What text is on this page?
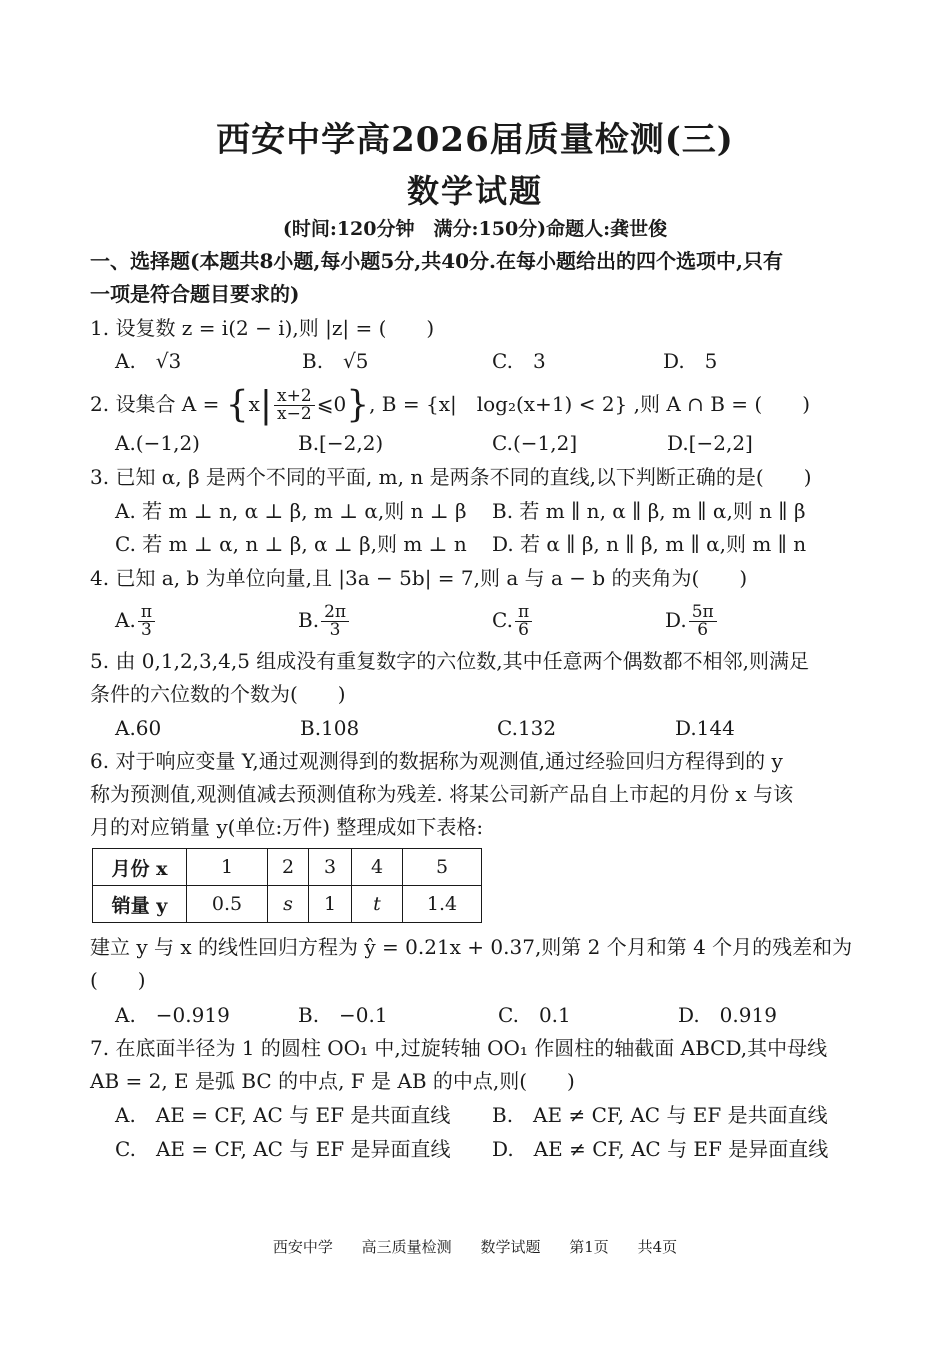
西安中学高2026届质量检测(三)
数学试题
(时间:120分钟　满分:150分)命题人:龚世俊
一、选择题(本题共8小题,每小题5分,共40分.在每小题给出的四个选项中,只有
一项是符合题目要求的)
1. 设复数 z = i(2 − i),则 |z| = (　　)
A.　√3	B.　√5	C.　3	D.　5
2. 设集合 $A = \{x| \frac{x+2}{x-2}$ ⩽0}, B = {x|　log₂(x+1) < 2} ,则 A ∩ B = (　　)
A.(−1,2)	B.[−2,2)	C.(−1,2]	D.[−2,2]
3. 已知 α, β 是两个不同的平面, m, n 是两条不同的直线,以下判断正确的是(　　)
A. 若 m ⊥ n, α ⊥ β, m ⊥ α,则 n ⊥ β B. 若 m ∥ n, α ∥ β, m ∥ α,则 n ∥ β
C. 若 m ⊥ α, n ⊥ β, α ⊥ β,则 m ⊥ n D. 若 α ∥ β, n ∥ β, m ∥ α,则 m ∥ n
4. 已知 a, b 为单位向量,且 |3a − 5b| = 7,则 a 与 a − b 的夹角为(　　)
A. $\frac{\pi}{3}$	B. $\frac{2\pi}{3}$	C. $\frac{\pi}{6}$	D. $\frac{5\pi}{6}$
5. 由 0,1,2,3,4,5 组成没有重复数字的六位数,其中任意两个偶数都不相邻,则满足
条件的六位数的个数为(　　)
A.60	B.108	C.132	D.144
6. 对于响应变量 Y,通过观测得到的数据称为观测值,通过经验回归方程得到的 y
称为预测值,观测值减去预测值称为残差. 将某公司新产品自上市起的月份 x 与该
月的对应销量 y(单位:万件) 整理成如下表格:
月份 x	1	2	3	4	5
销量 y	0.5	s	1	t	1.4
建立 y 与 x 的线性回归方程为 ŷ = 0.21x + 0.37,则第 2 个月和第 4 个月的残差和为
(　　)
A.　−0.919	B.　−0.1	C.　0.1	D.　0.919
7. 在底面半径为 1 的圆柱 OO₁ 中,过旋转轴 OO₁ 作圆柱的轴截面 ABCD,其中母线
AB = 2, E 是弧 BC 的中点, F 是 AB 的中点,则(　　)
A.　AE = CF, AC 与 EF 是共面直线 B.　AE ≠ CF, AC 与 EF 是共面直线
C.　AE = CF, AC 与 EF 是异面直线 D.　AE ≠ CF, AC 与 EF 是异面直线
西安中学 高三质量检测 数学试题 第1页 共4页
